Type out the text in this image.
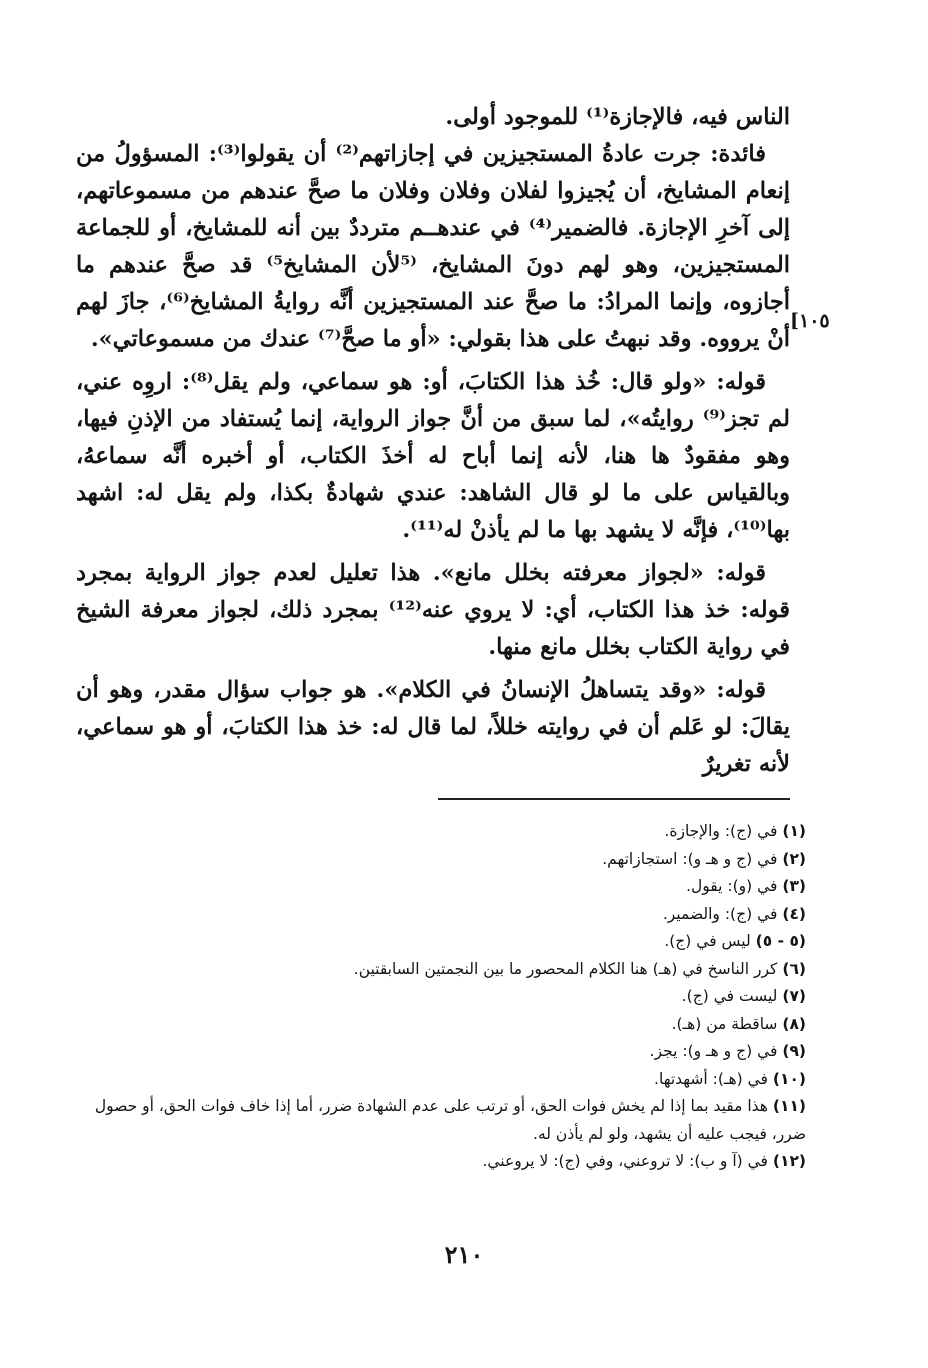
[١٠٥

الناس فيه، فالإجازة⁽¹⁾ للموجود أولى.

فائدة: جرت عادةُ المستجيزين في إجازاتهم⁽²⁾ أن يقولوا⁽³⁾: المسؤولُ من إنعام المشايخ، أن يُجيزوا لفلان وفلان وفلان ما صحَّ عندهم من مسموعاتهم، إلى آخرِ الإجازة. فالضمير⁽⁴⁾ في عندهــم مترددٌ بين أنه للمشايخ، أو للجماعة المستجيزين، وهو لهم دونَ المشايخ، ⁽⁵لأن المشايخ⁵⁾ قد صحَّ عندهم ما أجازوه، وإنما المرادُ: ما صحَّ عند المستجيزين أنَّه روايةُ المشايخ⁽⁶⁾، جازَ لهم أنْ يرووه. وقد نبهتُ على هذا بقولي: «أو ما صحَّ⁽⁷⁾ عندك من مسموعاتي».

قوله: «ولو قال: خُذ هذا الكتابَ، أو: هو سماعي، ولم يقل⁽⁸⁾: اروِه عني، لم تجز⁽⁹⁾ روايتُه»، لما سبق من أنَّ جواز الرواية، إنما يُستفاد من الإذنِ فيها، وهو مفقودٌ ها هنا، لأنه إنما أباح له أخذَ الكتاب، أو أخبره أنَّه سماعهُ، وبالقياس على ما لو قال الشاهد: عندي شهادةٌ بكذا، ولم يقل له: اشهد بها⁽¹⁰⁾، فإنَّه لا يشهد بها ما لم يأذنْ له⁽¹¹⁾.

قوله: «لجواز معرفته بخلل مانع». هذا تعليل لعدم جواز الرواية بمجرد قوله: خذ هذا الكتاب، أي: لا يروي عنه⁽¹²⁾ بمجرد ذلك، لجواز معرفة الشيخ في رواية الكتاب بخلل مانع منها.

قوله: «وقد يتساهلُ الإنسانُ في الكلام». هو جواب سؤال مقدر، وهو أن يقالَ: لو عَلم أن في روايته خللاً، لما قال له: خذ هذا الكتابَ، أو هو سماعي، لأنه تغريرٌ

(١) في (ج): والإجازة.

(٢) في (ج و هـ و): استجازاتهم.

(٣) في (و): يقول.

(٤) في (ج): والضمير.

(٥ - ٥) ليس في (ج).

(٦) كرر الناسخ في (هـ) هنا الكلام المحصور ما بين النجمتين السابقتين.

(٧) ليست في (ج).

(٨) ساقطة من (هـ).

(٩) في (ج و هـ و): يجز.

(١٠) في (هـ): أشهدتها.

(١١) هذا مقيد بما إذا لم يخش فوات الحق، أو ترتب على عدم الشهادة ضرر، أما إذا خاف فوات الحق، أو حصول ضرر، فيجب عليه أن يشهد، ولو لم يأذن له.

(١٢) في (آ و ب): لا تروعني، وفي (ج): لا يروعني.

٢١٠
